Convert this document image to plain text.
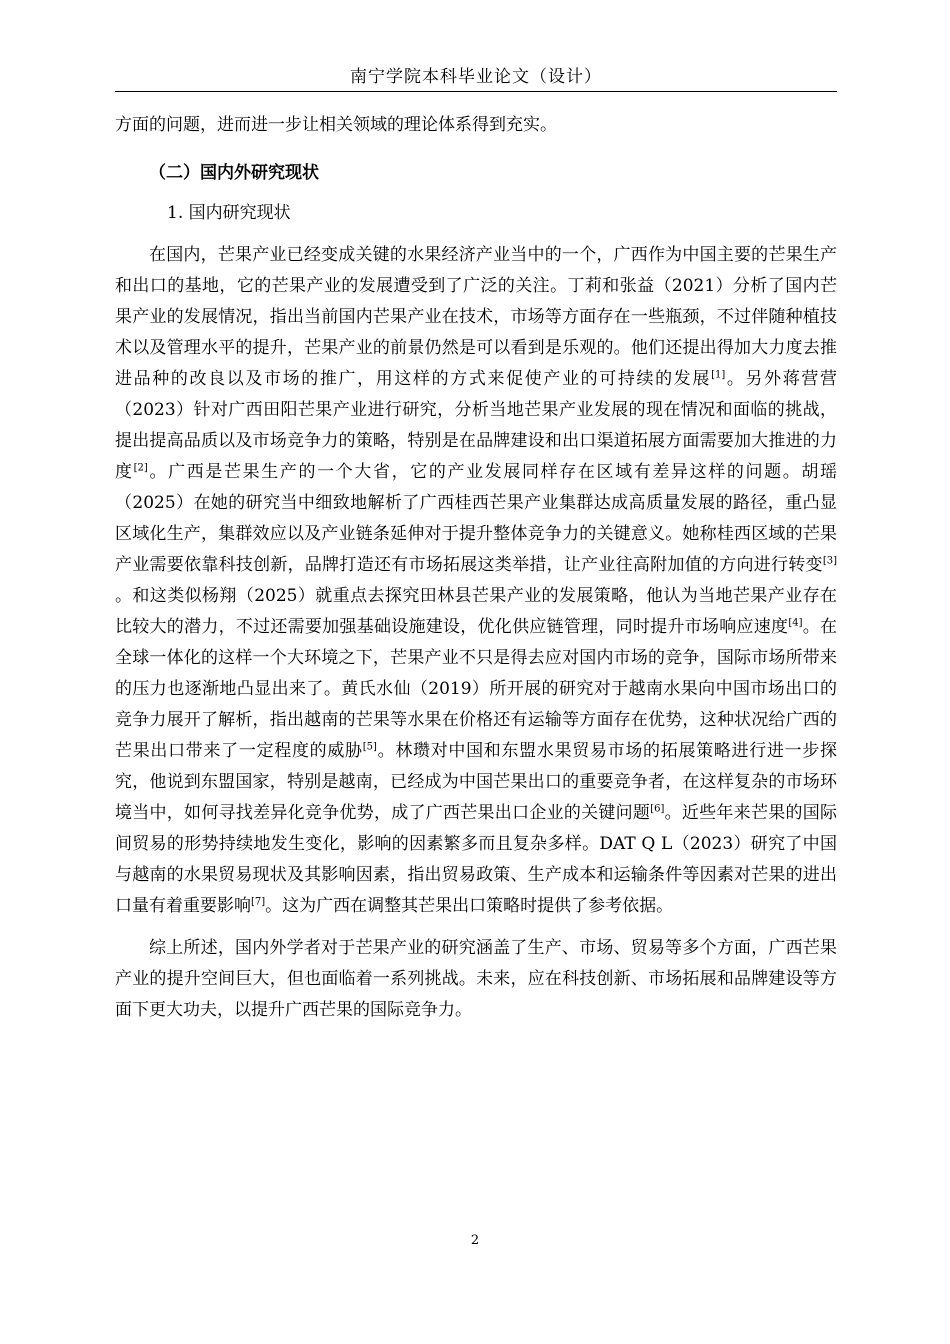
南宁学院本科毕业论文（设计）

方面的问题，进而进一步让相关领域的理论体系得到充实。

（二）国内外研究现状
1. 国内研究现状

在国内，芒果产业已经变成关键的水果经济产业当中的一个，广西作为中国主要的芒果生产和出口的基地，它的芒果产业的发展遭受到了广泛的关注。丁莉和张益（2021）分析了国内芒果产业的发展情况，指出当前国内芒果产业在技术，市场等方面存在一些瓶颈，不过伴随种植技术以及管理水平的提升，芒果产业的前景仍然是可以看到是乐观的。他们还提出得加大力度去推进品种的改良以及市场的推广，用这样的方式来促使产业的可持续的发展[1]。另外蒋营营（2023）针对广西田阳芒果产业进行研究，分析当地芒果产业发展的现在情况和面临的挑战，提出提高品质以及市场竞争力的策略，特别是在品牌建设和出口渠道拓展方面需要加大推进的力度[2]。广西是芒果生产的一个大省，它的产业发展同样存在区域有差异这样的问题。胡瑶（2025）在她的研究当中细致地解析了广西桂西芒果产业集群达成高质量发展的路径，重凸显区域化生产，集群效应以及产业链条延伸对于提升整体竞争力的关键意义。她称桂西区域的芒果产业需要依靠科技创新，品牌打造还有市场拓展这类举措，让产业往高附加值的方向进行转变[3] 。和这类似杨翔（2025）就重点去探究田林县芒果产业的发展策略，他认为当地芒果产业存在比较大的潜力，不过还需要加强基础设施建设，优化供应链管理，同时提升市场响应速度[4]。在全球一体化的这样一个大环境之下，芒果产业不只是得去应对国内市场的竞争，国际市场所带来的压力也逐渐地凸显出来了。黄氏水仙（2019）所开展的研究对于越南水果向中国市场出口的竞争力展开了解析，指出越南的芒果等水果在价格还有运输等方面存在优势，这种状况给广西的芒果出口带来了一定程度的威胁[5]。林瓒对中国和东盟水果贸易市场的拓展策略进行进一步探究，他说到东盟国家，特别是越南，已经成为中国芒果出口的重要竞争者，在这样复杂的市场环境当中，如何寻找差异化竞争优势，成了广西芒果出口企业的关键问题[6]。近些年来芒果的国际间贸易的形势持续地发生变化，影响的因素繁多而且复杂多样。DAT Q L（2023）研究了中国与越南的水果贸易现状及其影响因素，指出贸易政策、生产成本和运输条件等因素对芒果的进出口量有着重要影响[7]。这为广西在调整其芒果出口策略时提供了参考依据。

综上所述，国内外学者对于芒果产业的研究涵盖了生产、市场、贸易等多个方面，广西芒果产业的提升空间巨大，但也面临着一系列挑战。未来，应在科技创新、市场拓展和品牌建设等方面下更大功夫，以提升广西芒果的国际竞争力。

2
